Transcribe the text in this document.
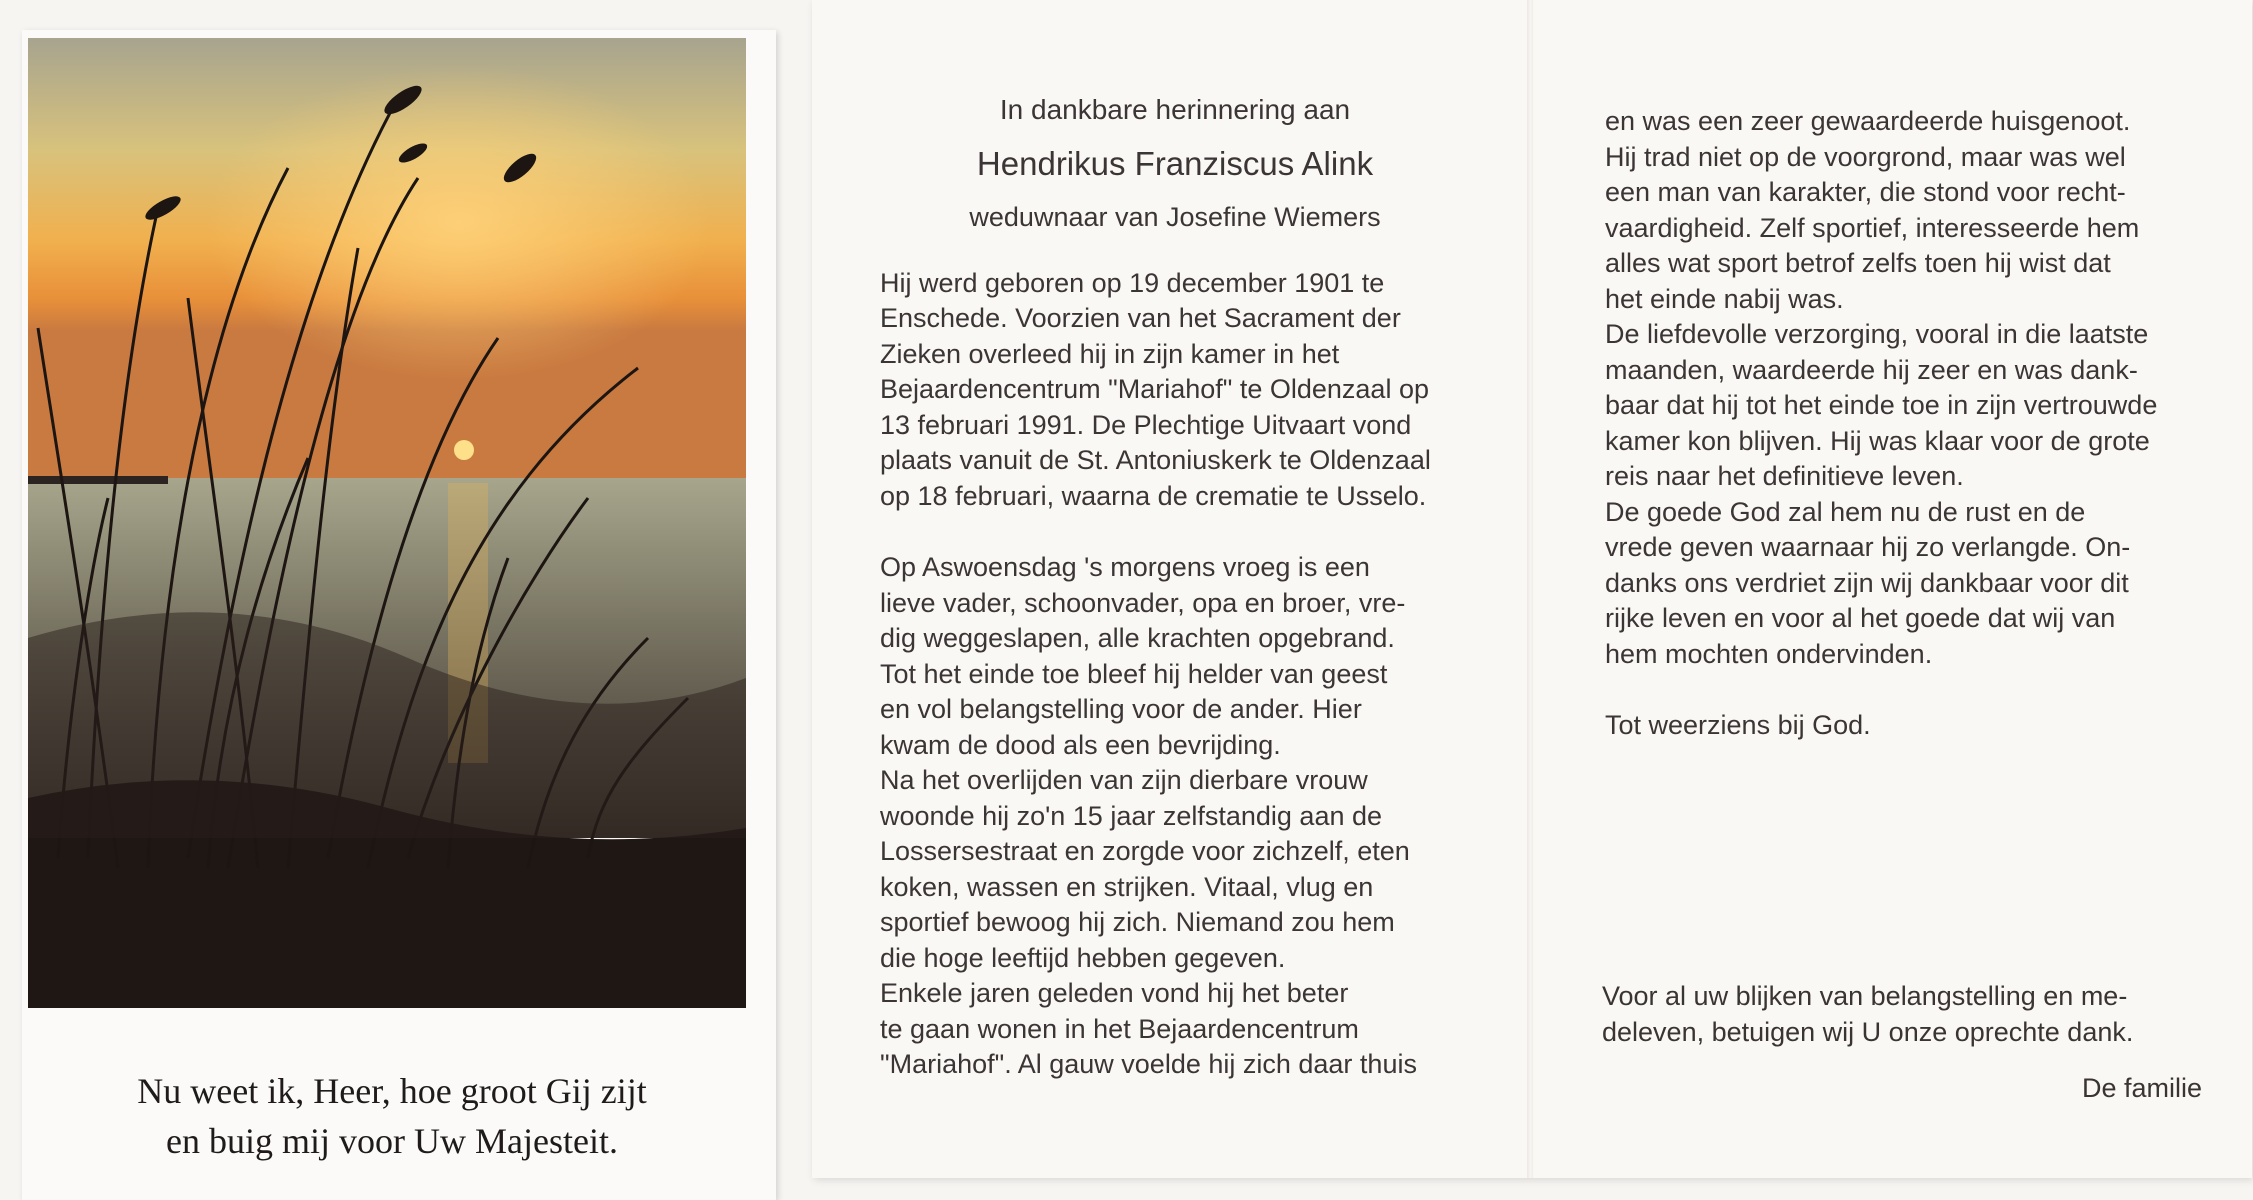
Nu weet ik, Heer, hoe groot Gij zijt
en buig mij voor Uw Majesteit.
In dankbare herinnering aan
Hendrikus Franziscus Alink
weduwnaar van Josefine Wiemers
Hij werd geboren op 19 december 1901 te
Enschede. Voorzien van het Sacrament der
Zieken overleed hij in zijn kamer in het
Bejaardencentrum "Mariahof" te Oldenzaal op
13 februari 1991. De Plechtige Uitvaart vond
plaats vanuit de St. Antoniuskerk te Oldenzaal
op 18 februari, waarna de crematie te Usselo.
Op Aswoensdag 's morgens vroeg is een
lieve vader, schoonvader, opa en broer, vre-
dig weggeslapen, alle krachten opgebrand.
Tot het einde toe bleef hij helder van geest
en vol belangstelling voor de ander. Hier
kwam de dood als een bevrijding.
Na het overlijden van zijn dierbare vrouw
woonde hij zo'n 15 jaar zelfstandig aan de
Lossersestraat en zorgde voor zichzelf, eten
koken, wassen en strijken. Vitaal, vlug en
sportief bewoog hij zich. Niemand zou hem
die hoge leeftijd hebben gegeven.
Enkele jaren geleden vond hij het beter
te gaan wonen in het Bejaardencentrum
"Mariahof". Al gauw voelde hij zich daar thuis
en was een zeer gewaardeerde huisgenoot.
Hij trad niet op de voorgrond, maar was wel
een man van karakter, die stond voor recht-
vaardigheid. Zelf sportief, interesseerde hem
alles wat sport betrof zelfs toen hij wist dat
het einde nabij was.
De liefdevolle verzorging, vooral in die laatste
maanden, waardeerde hij zeer en was dank-
baar dat hij tot het einde toe in zijn vertrouwde
kamer kon blijven. Hij was klaar voor de grote
reis naar het definitieve leven.
De goede God zal hem nu de rust en de
vrede geven waarnaar hij zo verlangde. On-
danks ons verdriet zijn wij dankbaar voor dit
rijke leven en voor al het goede dat wij van
hem mochten ondervinden.
Tot weerziens bij God.
Voor al uw blijken van belangstelling en me-
deleven, betuigen wij U onze oprechte dank.
De familie
